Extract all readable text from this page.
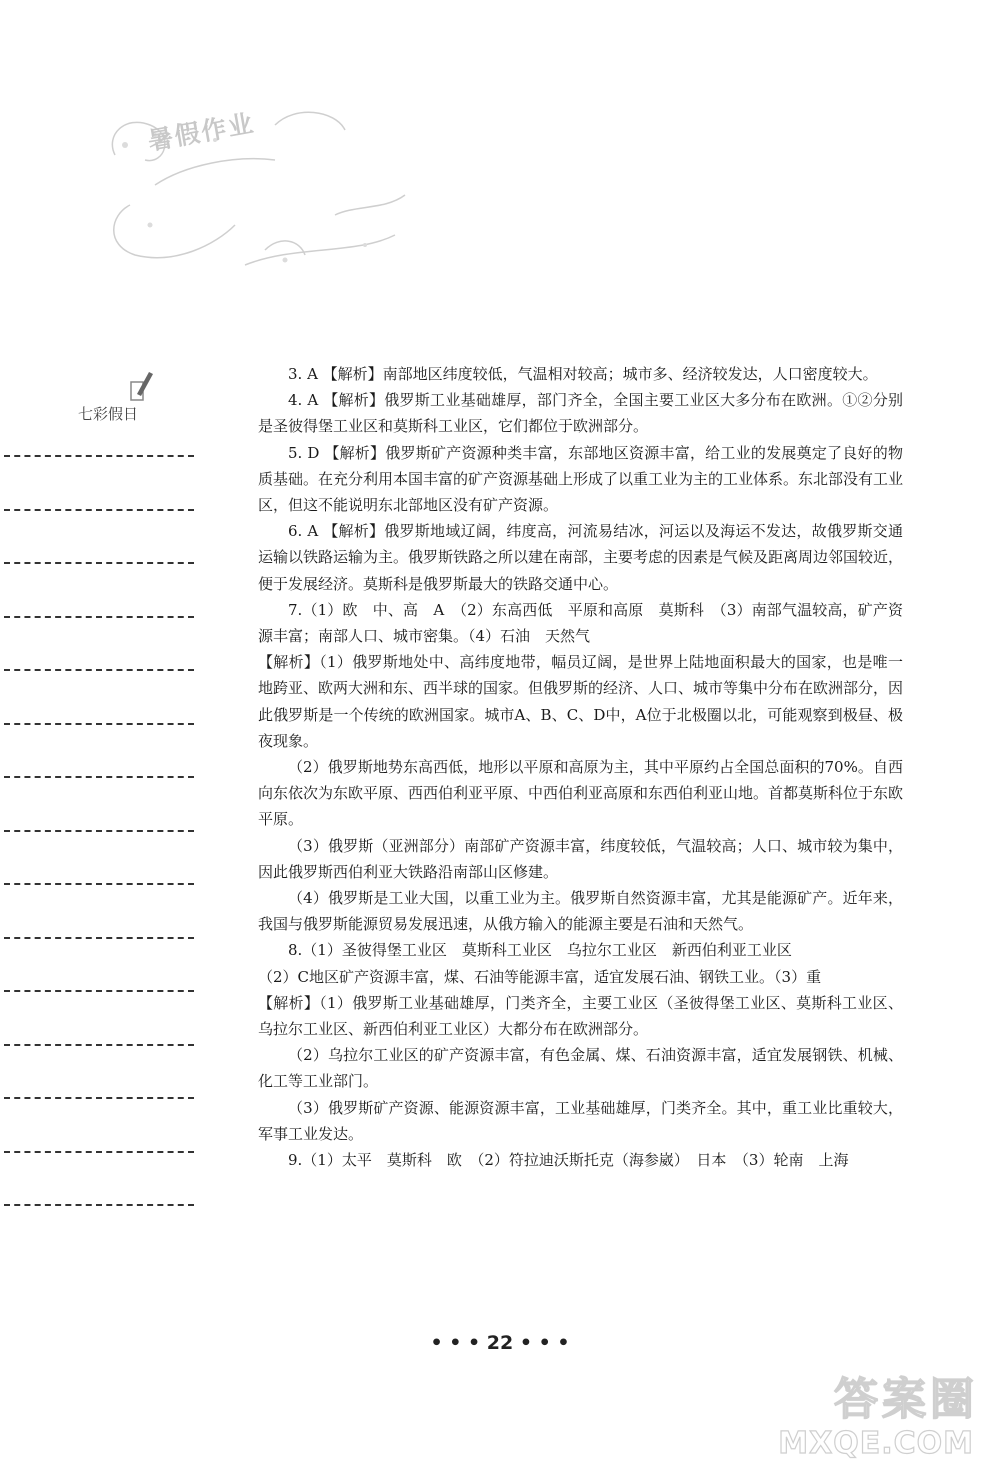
暑假作业
七彩假日

3. A 【解析】南部地区纬度较低，气温相对较高；城市多、经济较发达，人口密度较大。

4. A 【解析】俄罗斯工业基础雄厚，部门齐全，全国主要工业区大多分布在欧洲。①②分别是圣彼得堡工业区和莫斯科工业区，它们都位于欧洲部分。

5. D 【解析】俄罗斯矿产资源种类丰富，东部地区资源丰富，给工业的发展奠定了良好的物质基础。在充分利用本国丰富的矿产资源基础上形成了以重工业为主的工业体系。东北部没有工业区，但这不能说明东北部地区没有矿产资源。

6. A 【解析】俄罗斯地域辽阔，纬度高，河流易结冰，河运以及海运不发达，故俄罗斯交通运输以铁路运输为主。俄罗斯铁路之所以建在南部，主要考虑的因素是气候及距离周边邻国较近，便于发展经济。莫斯科是俄罗斯最大的铁路交通中心。

7.（1）欧　中、高　A　（2）东高西低　平原和高原　莫斯科　（3）南部气温较高，矿产资源丰富；南部人口、城市密集。（4）石油　天然气

【解析】（1）俄罗斯地处中、高纬度地带，幅员辽阔，是世界上陆地面积最大的国家，也是唯一地跨亚、欧两大洲和东、西半球的国家。但俄罗斯的经济、人口、城市等集中分布在欧洲部分，因此俄罗斯是一个传统的欧洲国家。城市A、B、C、D中，A位于北极圈以北，可能观察到极昼、极夜现象。

（2）俄罗斯地势东高西低，地形以平原和高原为主，其中平原约占全国总面积的70%。自西向东依次为东欧平原、西西伯利亚平原、中西伯利亚高原和东西伯利亚山地。首都莫斯科位于东欧平原。

（3）俄罗斯（亚洲部分）南部矿产资源丰富，纬度较低，气温较高；人口、城市较为集中，因此俄罗斯西伯利亚大铁路沿南部山区修建。

（4）俄罗斯是工业大国，以重工业为主。俄罗斯自然资源丰富，尤其是能源矿产。近年来，我国与俄罗斯能源贸易发展迅速，从俄方输入的能源主要是石油和天然气。

8.（1）圣彼得堡工业区　莫斯科工业区　乌拉尔工业区　新西伯利亚工业区

（2）C地区矿产资源丰富，煤、石油等能源丰富，适宜发展石油、钢铁工业。（3）重

【解析】（1）俄罗斯工业基础雄厚，门类齐全，主要工业区（圣彼得堡工业区、莫斯科工业区、乌拉尔工业区、新西伯利亚工业区）大都分布在欧洲部分。

（2）乌拉尔工业区的矿产资源丰富，有色金属、煤、石油资源丰富，适宜发展钢铁、机械、化工等工业部门。

（3）俄罗斯矿产资源、能源资源丰富，工业基础雄厚，门类齐全。其中，重工业比重较大，军事工业发达。

9.（1）太平　莫斯科　欧　（2）符拉迪沃斯托克（海参崴）　日本　（3）轮南　上海

• • • 22 • • •
答案圈
MXQE.COM
